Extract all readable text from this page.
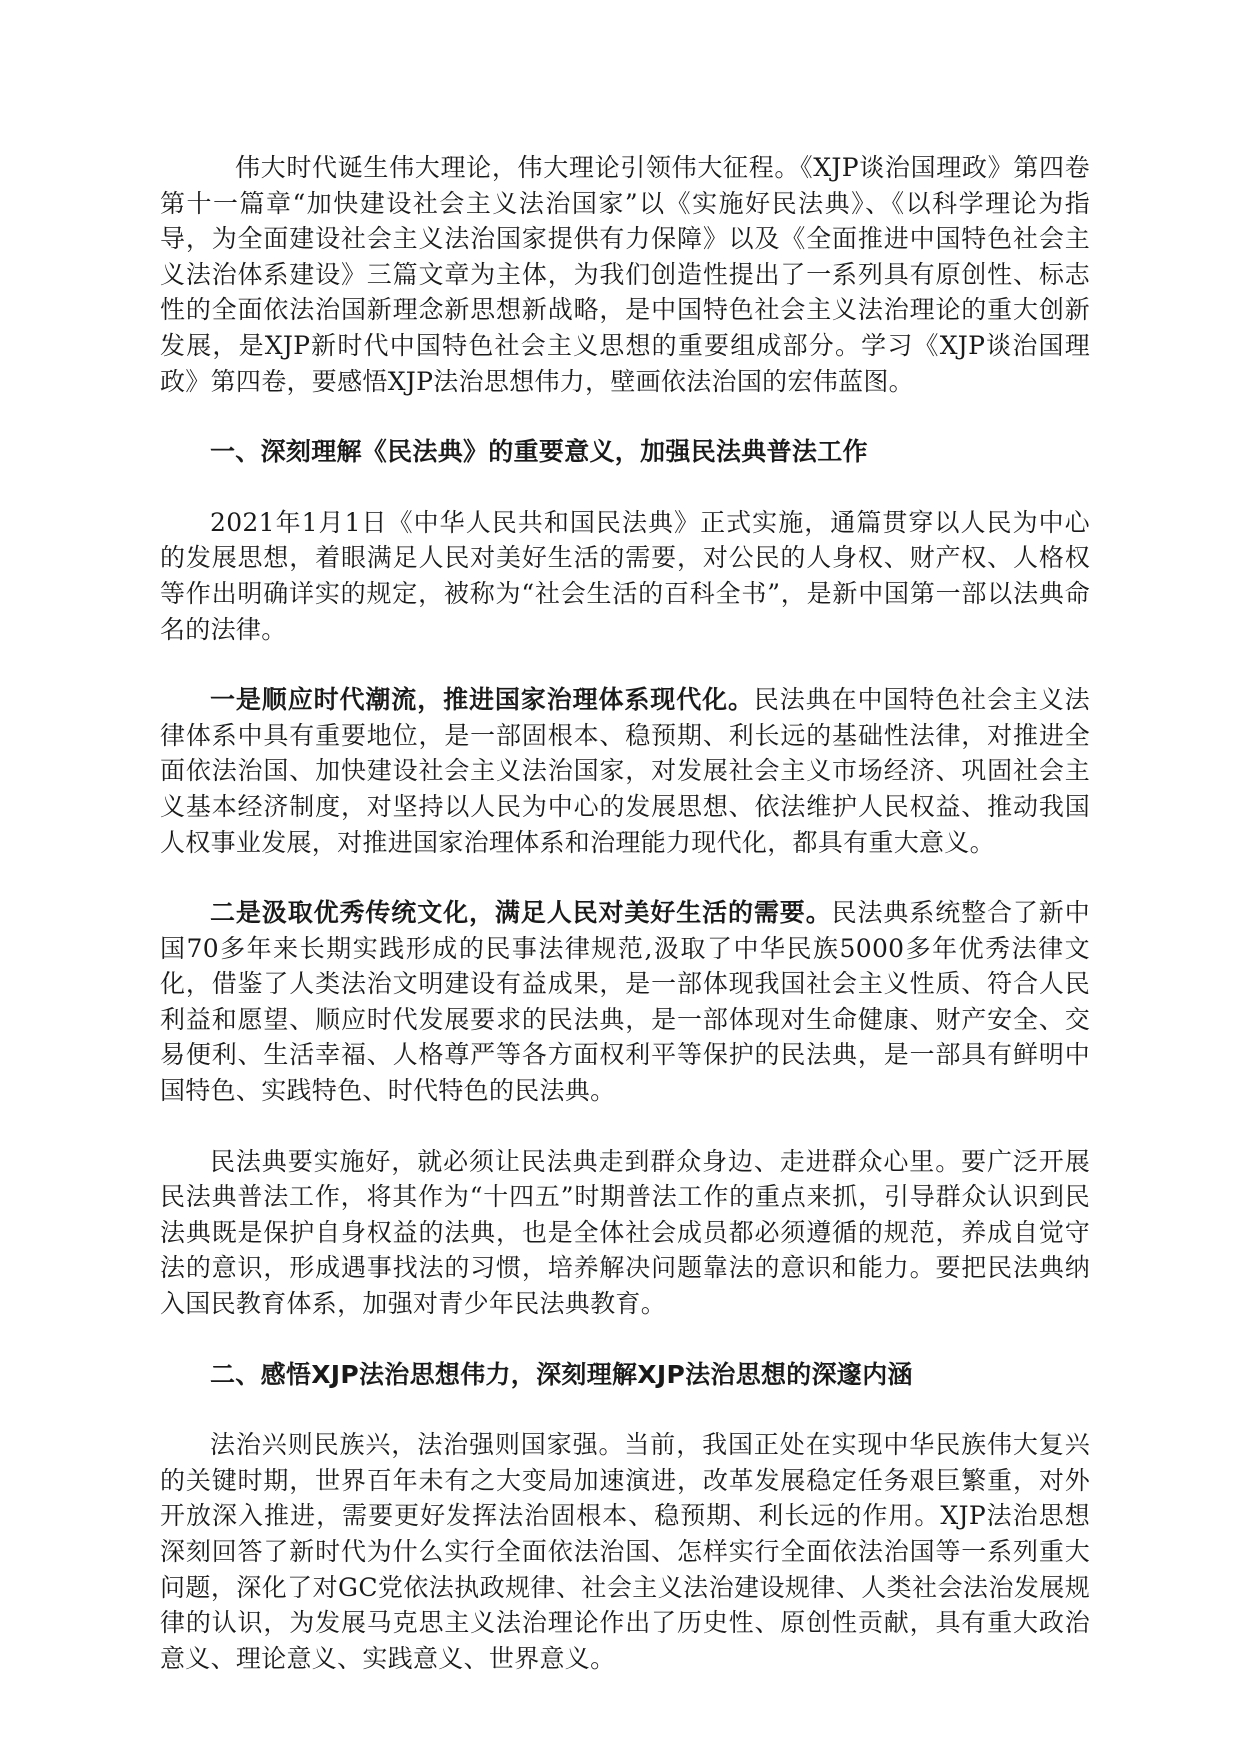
伟大时代诞生伟大理论，伟大理论引领伟大征程。《XJP谈治国理政》第四卷第十一篇章“加快建设社会主义法治国家”以《实施好民法典》、《以科学理论为指导，为全面建设社会主义法治国家提供有力保障》以及《全面推进中国特色社会主义法治体系建设》三篇文章为主体，为我们创造性提出了一系列具有原创性、标志性的全面依法治国新理念新思想新战略，是中国特色社会主义法治理论的重大创新发展，是XJP新时代中国特色社会主义思想的重要组成部分。学习《XJP谈治国理政》第四卷，要感悟XJP法治思想伟力，壁画依法治国的宏伟蓝图。

一、深刻理解《民法典》的重要意义，加强民法典普法工作

2021年1月1日《中华人民共和国民法典》正式实施，通篇贯穿以人民为中心的发展思想，着眼满足人民对美好生活的需要，对公民的人身权、财产权、人格权等作出明确详实的规定，被称为“社会生活的百科全书”，是新中国第一部以法典命名的法律。

一是顺应时代潮流，推进国家治理体系现代化。民法典在中国特色社会主义法律体系中具有重要地位，是一部固根本、稳预期、利长远的基础性法律，对推进全面依法治国、加快建设社会主义法治国家，对发展社会主义市场经济、巩固社会主义基本经济制度，对坚持以人民为中心的发展思想、依法维护人民权益、推动我国人权事业发展，对推进国家治理体系和治理能力现代化，都具有重大意义。

二是汲取优秀传统文化，满足人民对美好生活的需要。民法典系统整合了新中国70多年来长期实践形成的民事法律规范,汲取了中华民族5000多年优秀法律文化，借鉴了人类法治文明建设有益成果，是一部体现我国社会主义性质、符合人民利益和愿望、顺应时代发展要求的民法典，是一部体现对生命健康、财产安全、交易便利、生活幸福、人格尊严等各方面权利平等保护的民法典，是一部具有鲜明中国特色、实践特色、时代特色的民法典。

民法典要实施好，就必须让民法典走到群众身边、走进群众心里。要广泛开展民法典普法工作，将其作为“十四五”时期普法工作的重点来抓，引导群众认识到民法典既是保护自身权益的法典，也是全体社会成员都必须遵循的规范，养成自觉守法的意识，形成遇事找法的习惯，培养解决问题靠法的意识和能力。要把民法典纳入国民教育体系，加强对青少年民法典教育。

二、感悟XJP法治思想伟力，深刻理解XJP法治思想的深邃内涵

法治兴则民族兴，法治强则国家强。当前，我国正处在实现中华民族伟大复兴的关键时期，世界百年未有之大变局加速演进，改革发展稳定任务艰巨繁重，对外开放深入推进，需要更好发挥法治固根本、稳预期、利长远的作用。XJP法治思想深刻回答了新时代为什么实行全面依法治国、怎样实行全面依法治国等一系列重大问题，深化了对GC党依法执政规律、社会主义法治建设规律、人类社会法治发展规律的认识，为发展马克思主义法治理论作出了历史性、原创性贡献，具有重大政治意义、理论意义、实践意义、世界意义。
